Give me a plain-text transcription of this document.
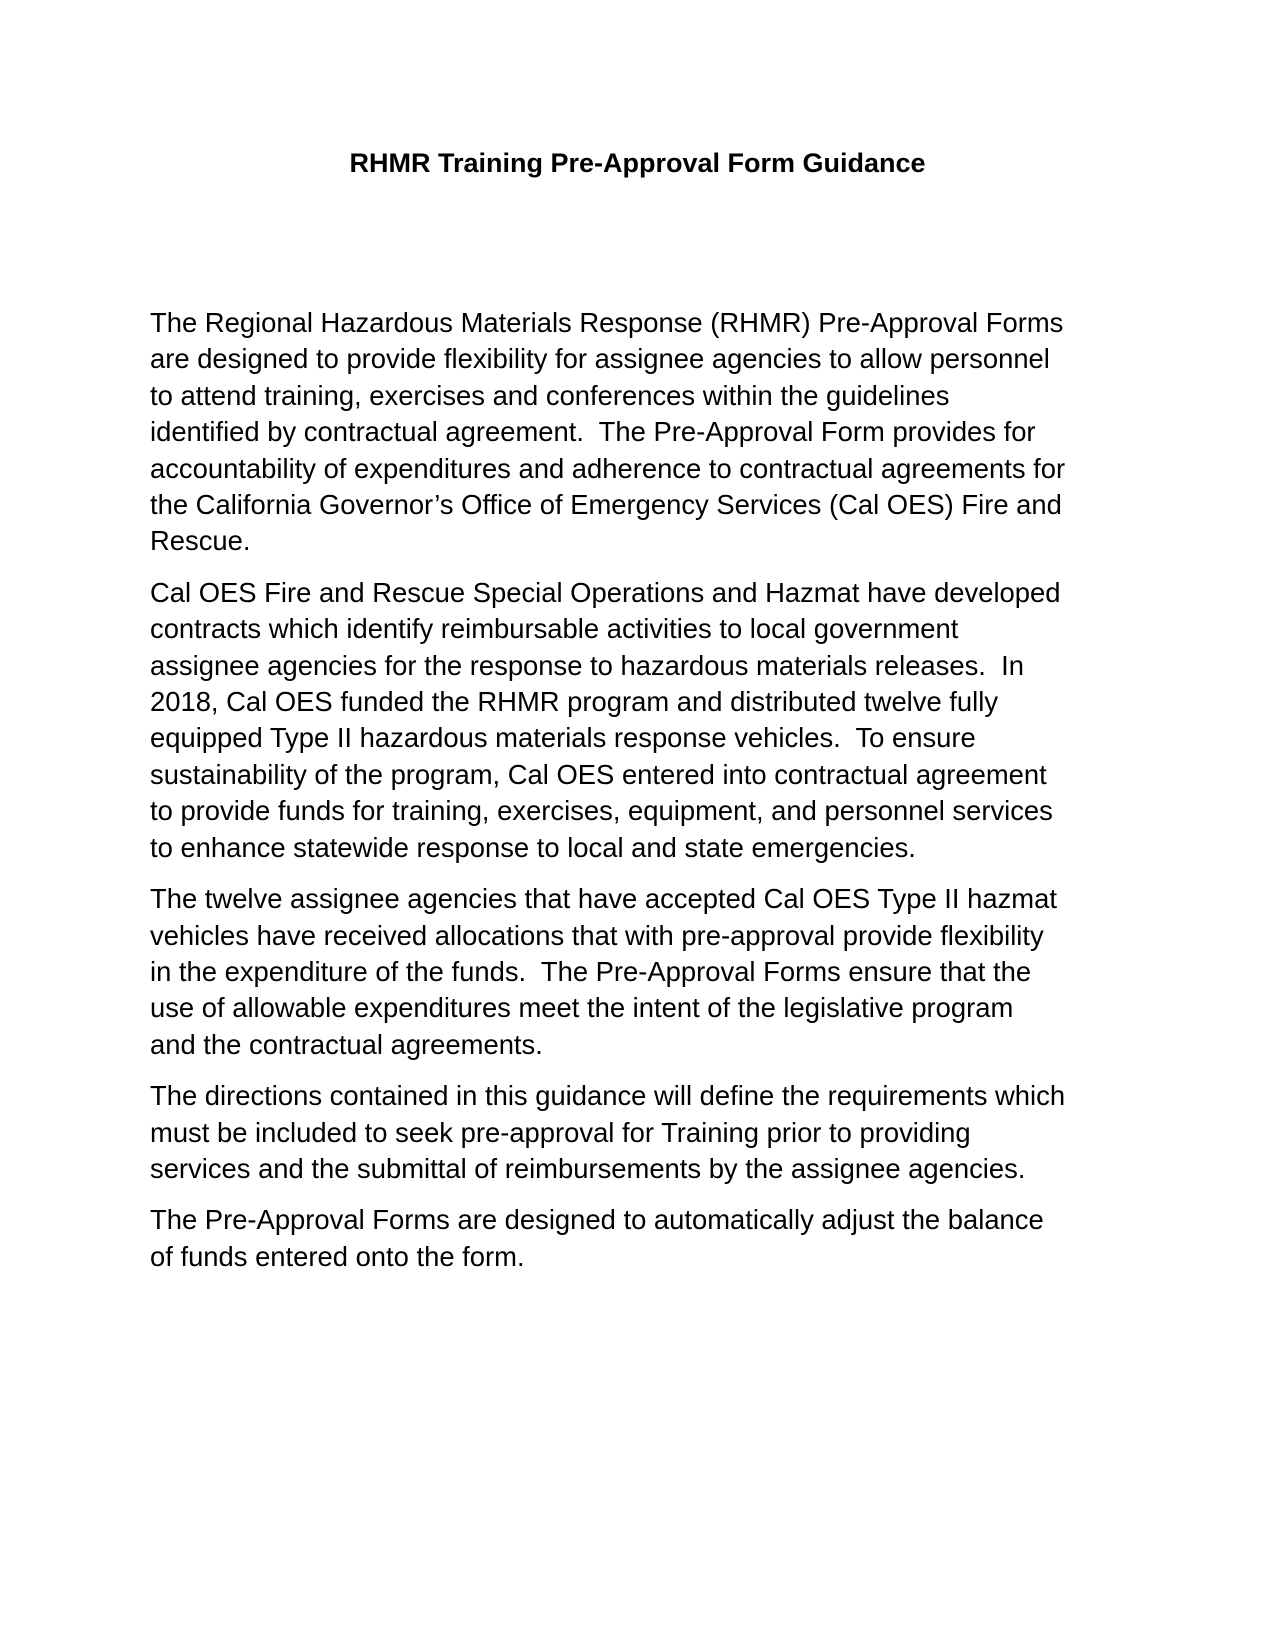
RHMR Training Pre-Approval Form Guidance

The Regional Hazardous Materials Response (RHMR) Pre-Approval Forms
are designed to provide flexibility for assignee agencies to allow personnel
to attend training, exercises and conferences within the guidelines
identified by contractual agreement.  The Pre-Approval Form provides for
accountability of expenditures and adherence to contractual agreements for
the California Governor’s Office of Emergency Services (Cal OES) Fire and
Rescue.

Cal OES Fire and Rescue Special Operations and Hazmat have developed
contracts which identify reimbursable activities to local government
assignee agencies for the response to hazardous materials releases.  In
2018, Cal OES funded the RHMR program and distributed twelve fully
equipped Type II hazardous materials response vehicles.  To ensure
sustainability of the program, Cal OES entered into contractual agreement
to provide funds for training, exercises, equipment, and personnel services
to enhance statewide response to local and state emergencies.

The twelve assignee agencies that have accepted Cal OES Type II hazmat
vehicles have received allocations that with pre-approval provide flexibility
in the expenditure of the funds.  The Pre-Approval Forms ensure that the
use of allowable expenditures meet the intent of the legislative program
and the contractual agreements.

The directions contained in this guidance will define the requirements which
must be included to seek pre-approval for Training prior to providing
services and the submittal of reimbursements by the assignee agencies.

The Pre-Approval Forms are designed to automatically adjust the balance
of funds entered onto the form.
